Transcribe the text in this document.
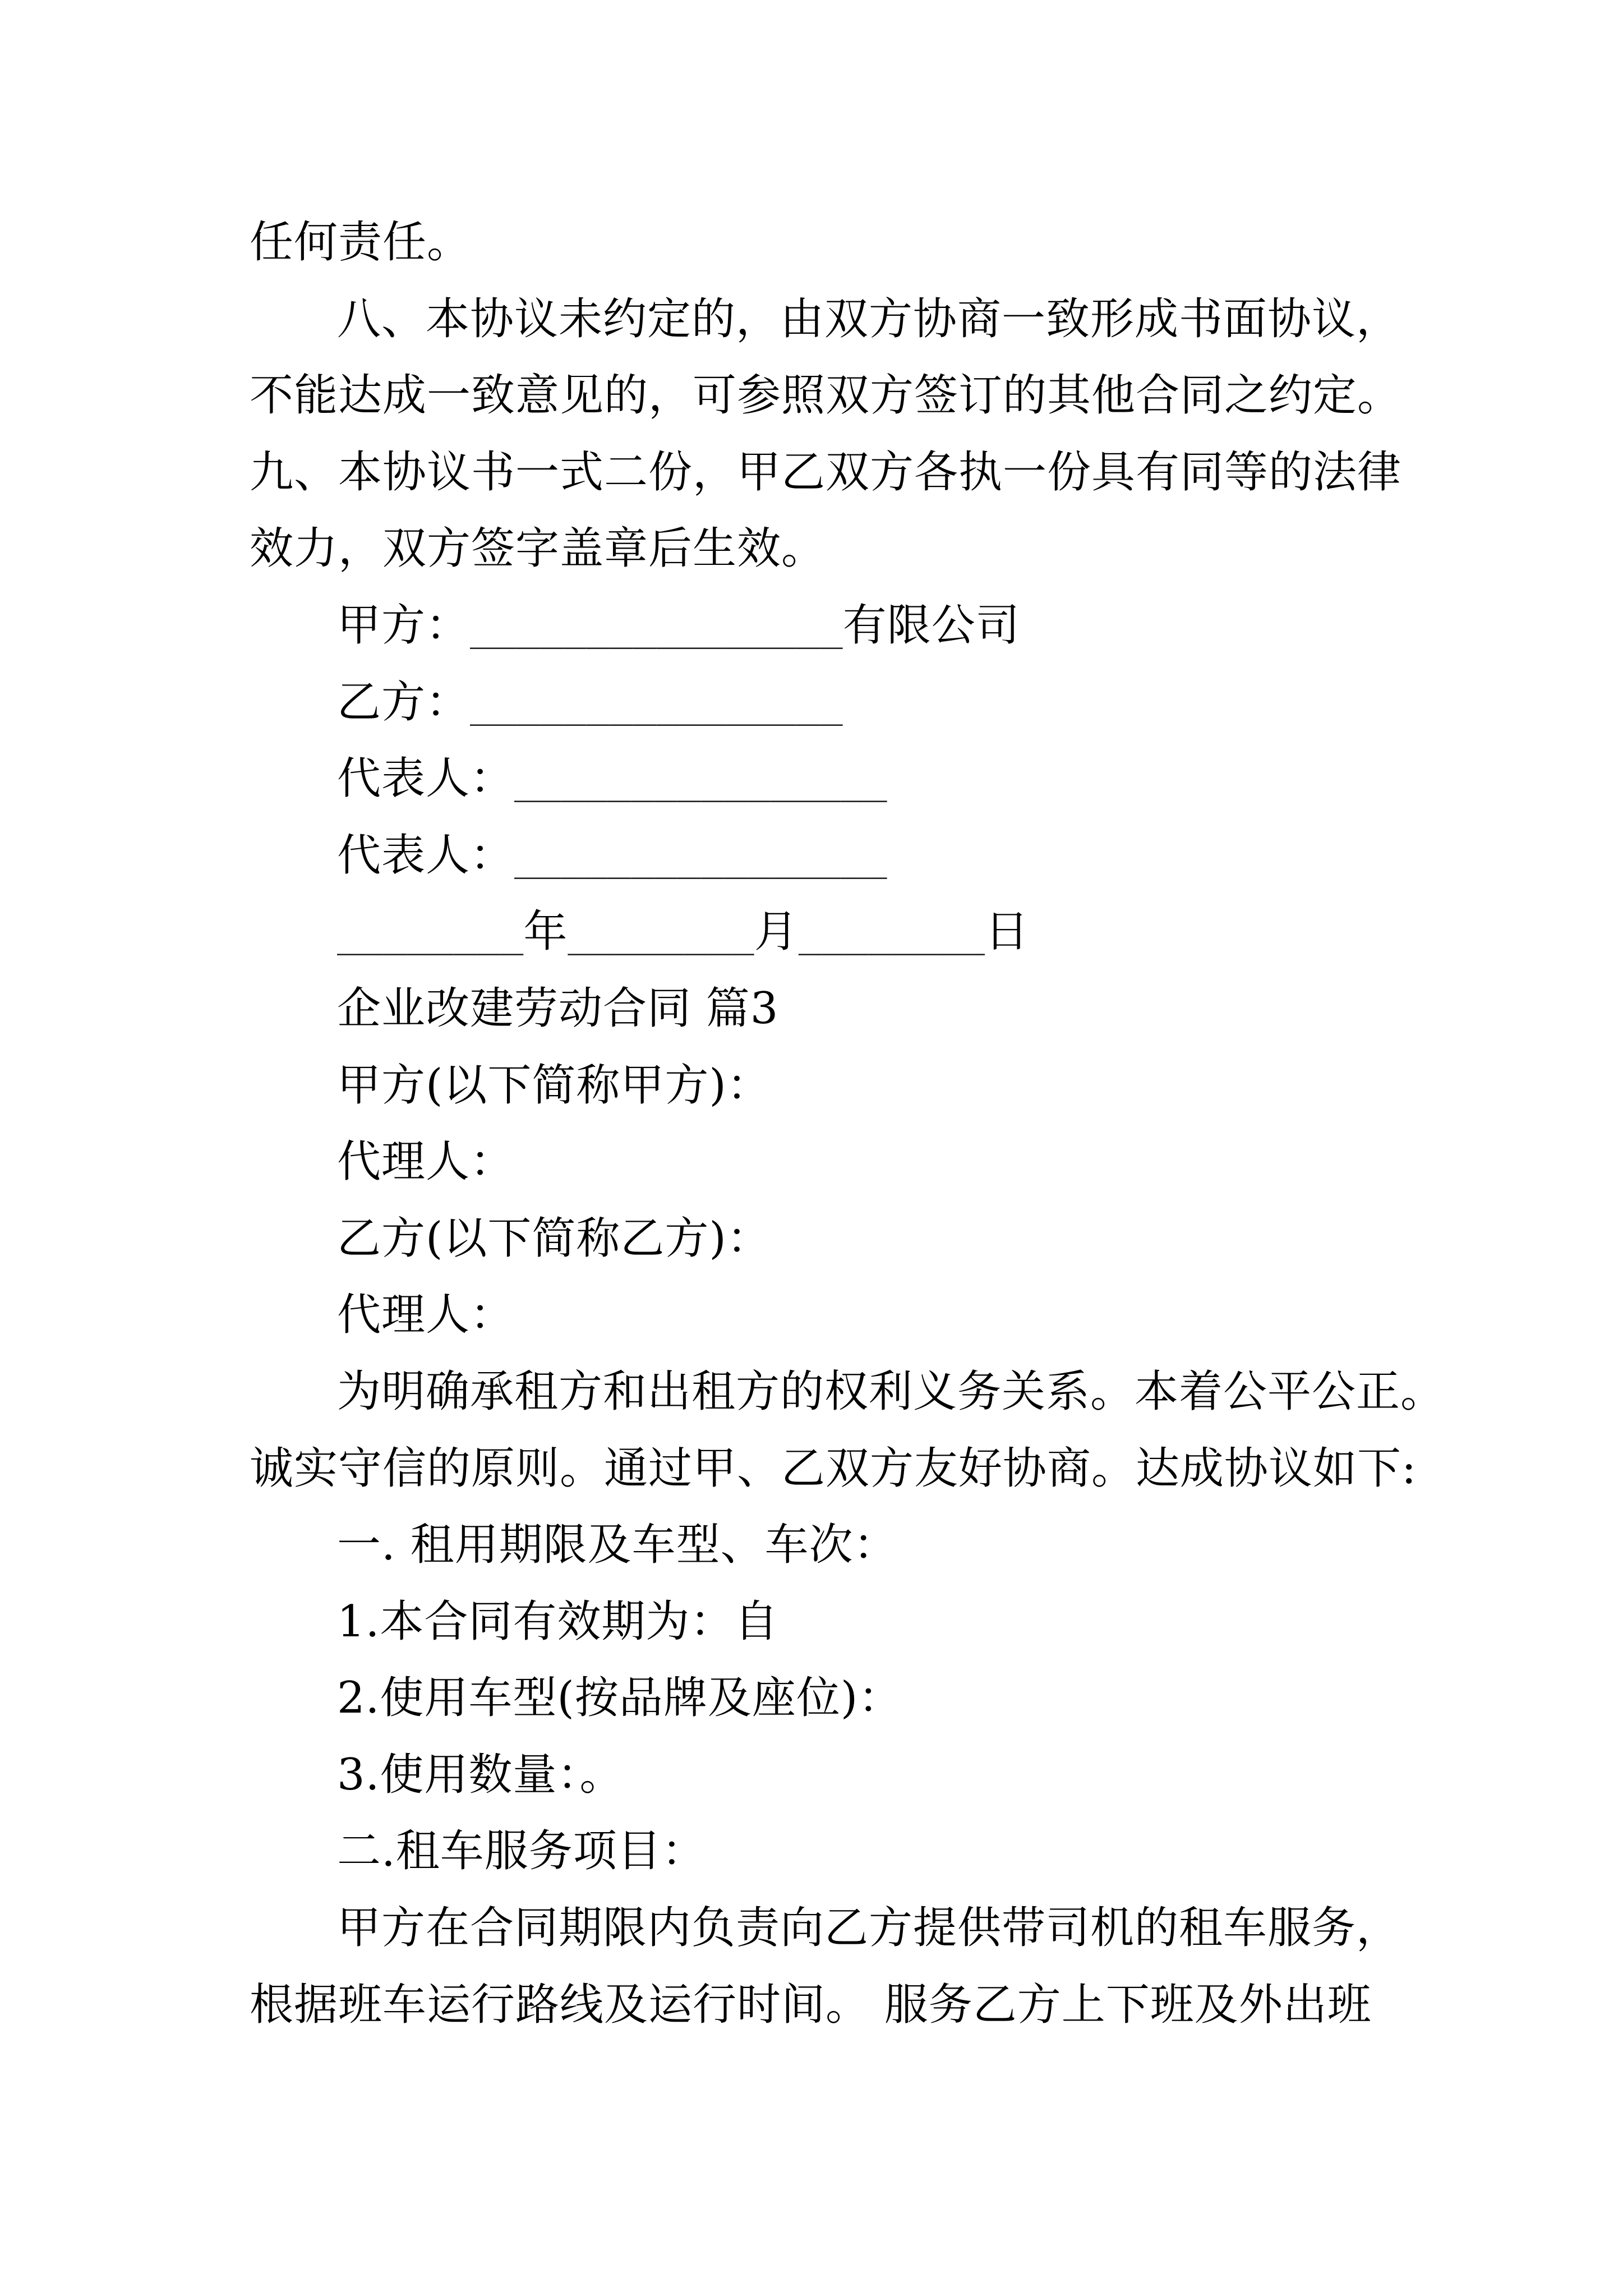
任何责任。
八、本协议未约定的，由双方协商一致形成书面协议，
不能达成一致意见的，可参照双方签订的其他合同之约定。
九、本协议书一式二份，甲乙双方各执一份具有同等的法律
效力，双方签字盖章后生效。
甲方：________________有限公司
乙方：________________
代表人：________________
代表人：________________
________年________月________日
企业改建劳动合同 篇3
甲方(以下简称甲方)：
代理人：
乙方(以下简称乙方)：
代理人：
为明确承租方和出租方的权利义务关系。本着公平公正。
诚实守信的原则。通过甲、乙双方友好协商。达成协议如下:
一. 租用期限及车型、车次：
1.本合同有效期为：自
2.使用车型(按品牌及座位)：
3.使用数量：。
二.租车服务项目：
甲方在合同期限内负责向乙方提供带司机的租车服务，
根据班车运行路线及运行时间。 服务乙方上下班及外出班
